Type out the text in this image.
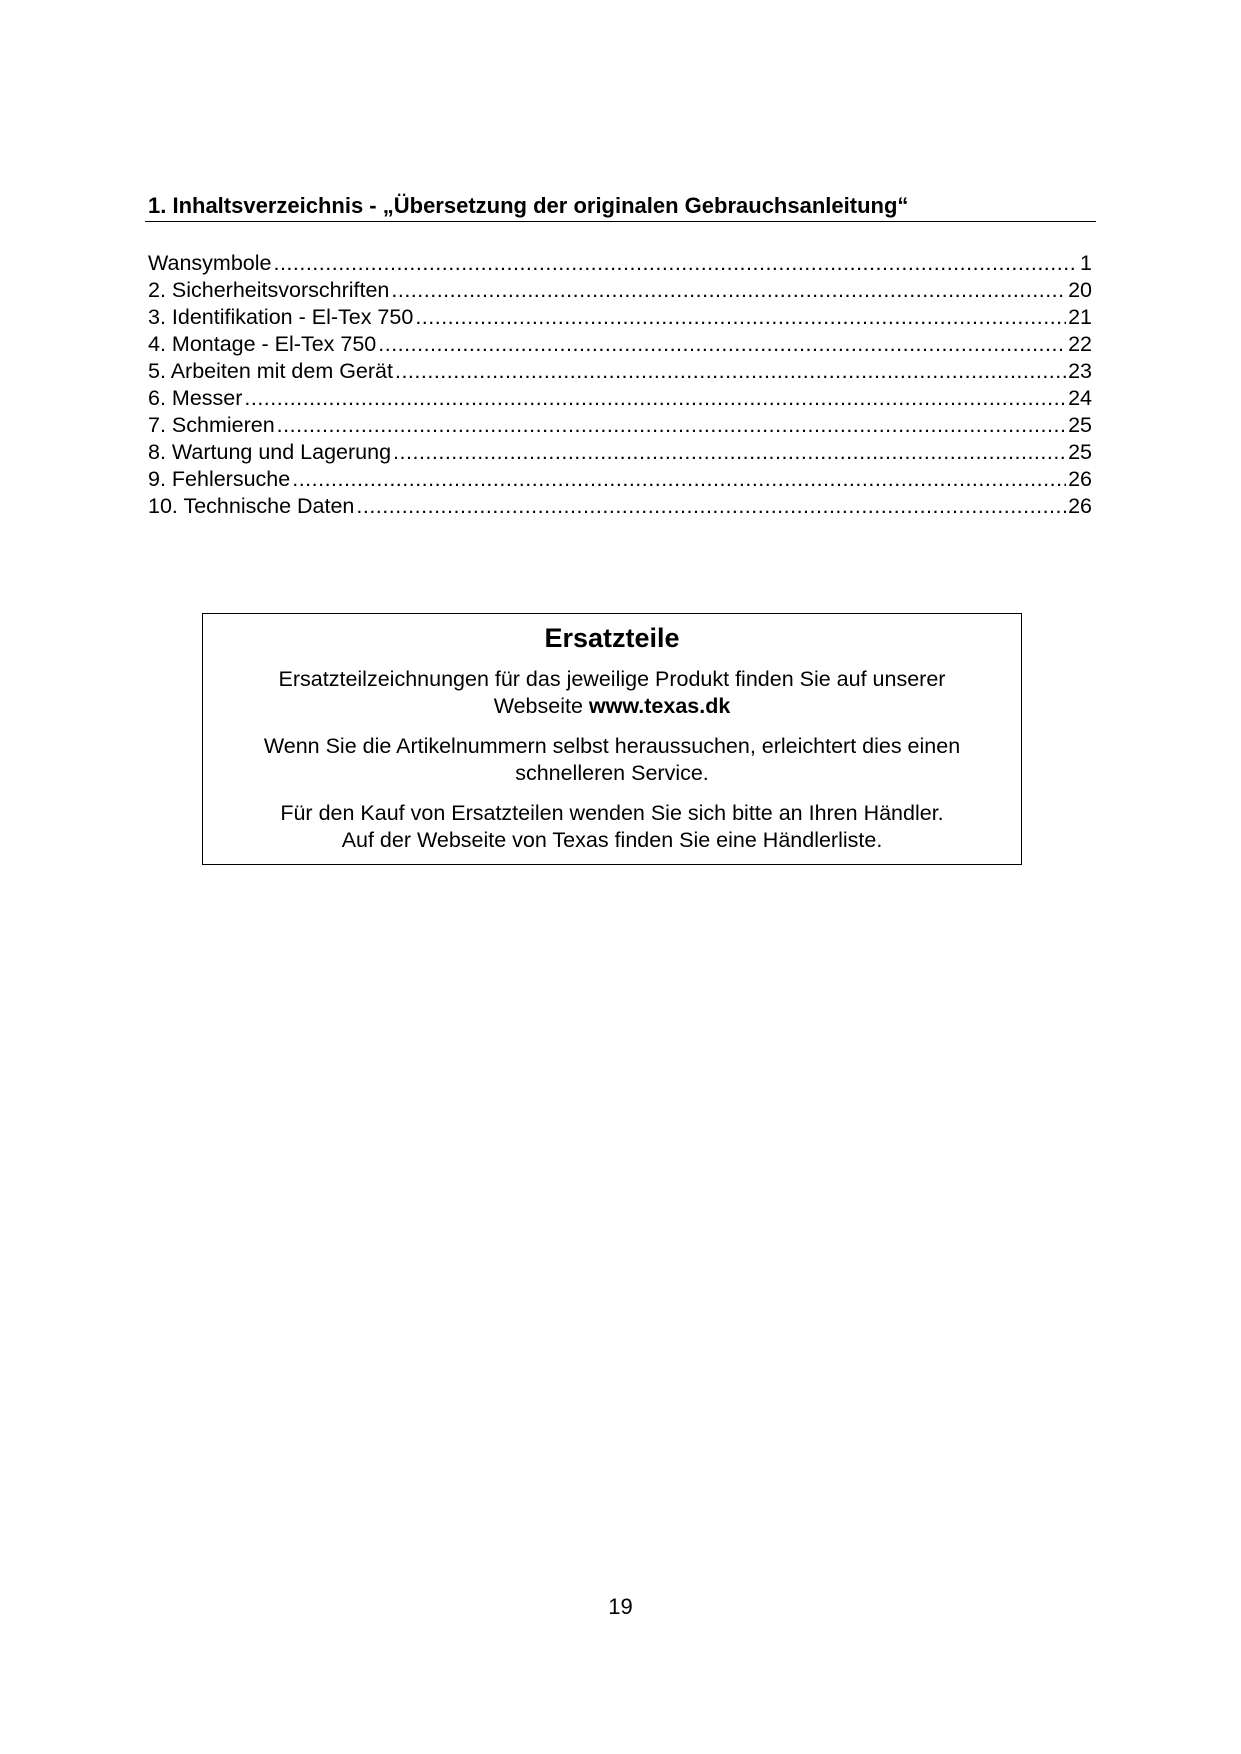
1. Inhaltsverzeichnis - „Übersetzung der originalen Gebrauchsanleitung“
Wansymbole .....	1
2. Sicherheitsvorschriften .....	20
3. Identifikation - El-Tex 750 .....	21
4. Montage - El-Tex 750 .....	22
5. Arbeiten mit dem Gerät .....	23
6. Messer .....	24
7. Schmieren .....	25
8. Wartung und Lagerung .....	25
9. Fehlersuche .....	26
10. Technische Daten .....	26
Ersatzteile

Ersatzteilzeichnungen für das jeweilige Produkt finden Sie auf unserer
Webseite www.texas.dk

Wenn Sie die Artikelnummern selbst heraussuchen, erleichtert dies einen
schnelleren Service.

Für den Kauf von Ersatzteilen wenden Sie sich bitte an Ihren Händler.
Auf der Webseite von Texas finden Sie eine Händlerliste.

19
